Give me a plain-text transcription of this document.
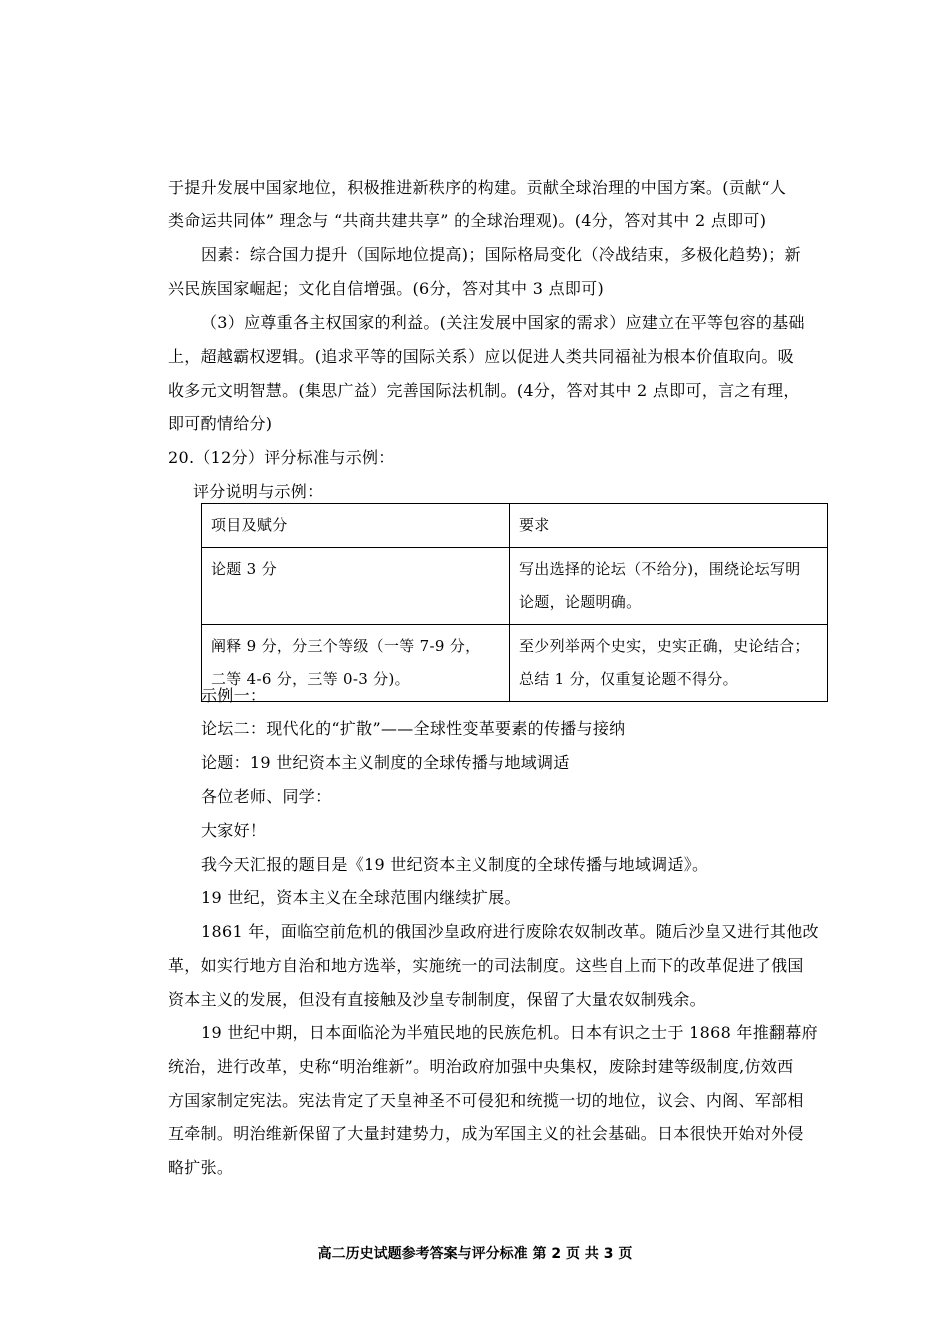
于提升发展中国家地位，积极推进新秩序的构建。贡献全球治理的中国方案。(贡献“人
类命运共同体” 理念与 “共商共建共享” 的全球治理观)。(4分，答对其中 2 点即可)
因素：综合国力提升（国际地位提高)；国际格局变化（冷战结束，多极化趋势)；新
兴民族国家崛起；文化自信增强。(6分，答对其中 3 点即可)
（3）应尊重各主权国家的利益。(关注发展中国家的需求）应建立在平等包容的基础
上，超越霸权逻辑。(追求平等的国际关系）应以促进人类共同福祉为根本价值取向。吸
收多元文明智慧。(集思广益）完善国际法机制。(4分，答对其中 2 点即可，言之有理，
即可酌情给分)
20.（12分）评分标准与示例：
评分说明与示例：
项目及赋分	要求

论题 3 分	写出选择的论坛（不给分)，围绕论坛写明
论题，论题明确。

阐释 9 分，分三个等级（一等 7-9 分，
二等 4-6 分，三等 0-3 分)。	至少列举两个史实，史实正确，史论结合；
总结 1 分，仅重复论题不得分。
示例一：
论坛二：现代化的“扩散”——全球性变革要素的传播与接纳
论题：19 世纪资本主义制度的全球传播与地域调适
各位老师、同学：
大家好！
我今天汇报的题目是《19 世纪资本主义制度的全球传播与地域调适》。
19 世纪，资本主义在全球范围内继续扩展。
1861 年，面临空前危机的俄国沙皇政府进行废除农奴制改革。随后沙皇又进行其他改
革，如实行地方自治和地方选举，实施统一的司法制度。这些自上而下的改革促进了俄国
资本主义的发展，但没有直接触及沙皇专制制度，保留了大量农奴制残余。
19 世纪中期，日本面临沦为半殖民地的民族危机。日本有识之士于 1868 年推翻幕府
统治，进行改革，史称“明治维新”。明治政府加强中央集权，废除封建等级制度,仿效西
方国家制定宪法。宪法肯定了天皇神圣不可侵犯和统揽一切的地位，议会、内阁、军部相
互牵制。明治维新保留了大量封建势力，成为军国主义的社会基础。日本很快开始对外侵
略扩张。
高二历史试题参考答案与评分标准 第 2 页 共 3 页
